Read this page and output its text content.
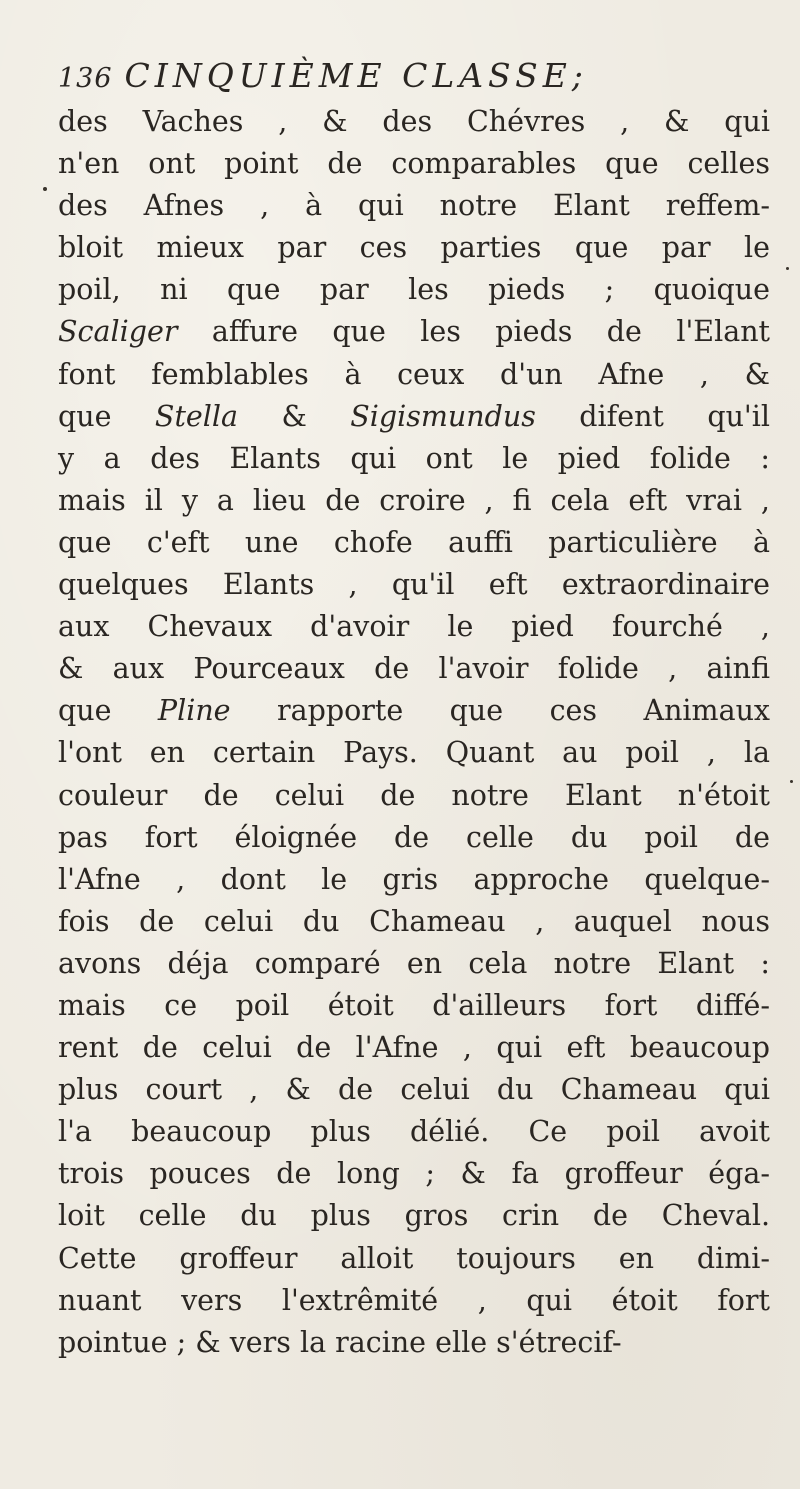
136 CINQUIÈME CLASSE;
des Vaches , & des Chévres , & qui
n'en ont point de comparables que celles
des Afnes , à qui notre Elant reffem-
bloit mieux par ces parties que par le
poil, ni que par les pieds ; quoique
Scaliger affure que les pieds de l'Elant
font femblables à ceux d'un Afne , &
que Stella & Sigismundus difent qu'il
y a des Elants qui ont le pied folide :
mais il y a lieu de croire , fi cela eft vrai ,
que c'eft une chofe auffi particulière à
quelques Elants , qu'il eft extraordinaire
aux Chevaux d'avoir le pied fourché ,
& aux Pourceaux de l'avoir folide , ainfi
que Pline rapporte que ces Animaux
l'ont en certain Pays. Quant au poil , la
couleur de celui de notre Elant n'étoit
pas fort éloignée de celle du poil de
l'Afne , dont le gris approche quelque-
fois de celui du Chameau , auquel nous
avons déja comparé en cela notre Elant :
mais ce poil étoit d'ailleurs fort diffé-
rent de celui de l'Afne , qui eft beaucoup
plus court , & de celui du Chameau qui
l'a beaucoup plus délié. Ce poil avoit
trois pouces de long ; & fa groffeur éga-
loit celle du plus gros crin de Cheval.
Cette groffeur alloit toujours en dimi-
nuant vers l'extrêmité , qui étoit fort
pointue ; & vers la racine elle s'étrecif-
